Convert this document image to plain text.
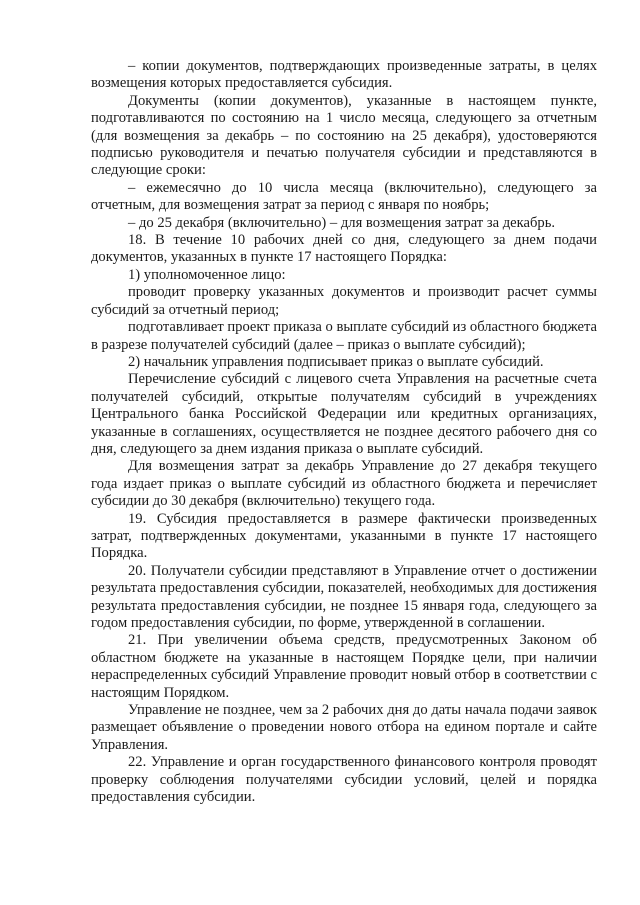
– копии документов, подтверждающих произведенные затраты, в целях возмещения которых предоставляется субсидия.

Документы (копии документов), указанные в настоящем пункте, подготавливаются по состоянию на 1 число месяца, следующего за отчетным (для возмещения за декабрь – по состоянию на 25 декабря), удостоверяются подписью руководителя и печатью получателя субсидии и представляются в следующие сроки:

– ежемесячно до 10 числа месяца (включительно), следующего за отчетным, для возмещения затрат за период с января по ноябрь;

– до 25 декабря (включительно) – для возмещения затрат за декабрь.

18. В течение 10 рабочих дней со дня, следующего за днем подачи документов, указанных в пункте 17 настоящего Порядка:

1) уполномоченное лицо:

проводит проверку указанных документов и производит расчет суммы субсидий за отчетный период;

подготавливает проект приказа о выплате субсидий из областного бюджета в разрезе получателей субсидий (далее – приказ о выплате субсидий);

2) начальник управления подписывает приказ о выплате субсидий.

Перечисление субсидий с лицевого счета Управления на расчетные счета получателей субсидий, открытые получателям субсидий в учреждениях Центрального банка Российской Федерации или кредитных организациях, указанные в соглашениях, осуществляется не позднее десятого рабочего дня со дня, следующего за днем издания приказа о выплате субсидий.

Для возмещения затрат за декабрь Управление до 27 декабря текущего года издает приказ о выплате субсидий из областного бюджета и перечисляет субсидии до 30 декабря (включительно) текущего года.

19. Субсидия предоставляется в размере фактически произведенных затрат, подтвержденных документами, указанными в пункте 17 настоящего Порядка.

20. Получатели субсидии представляют в Управление отчет о достижении результата предоставления субсидии, показателей, необходимых для достижения результата предоставления субсидии, не позднее 15 января года, следующего за годом предоставления субсидии, по форме, утвержденной в соглашении.

21. При увеличении объема средств, предусмотренных Законом об областном бюджете на указанные в настоящем Порядке цели, при наличии нераспределенных субсидий Управление проводит новый отбор в соответствии с настоящим Порядком.

Управление не позднее, чем за 2 рабочих дня до даты начала подачи заявок размещает объявление о проведении нового отбора на едином портале и сайте Управления.

22. Управление и орган государственного финансового контроля проводят проверку соблюдения получателями субсидии условий, целей и порядка предоставления субсидии.
